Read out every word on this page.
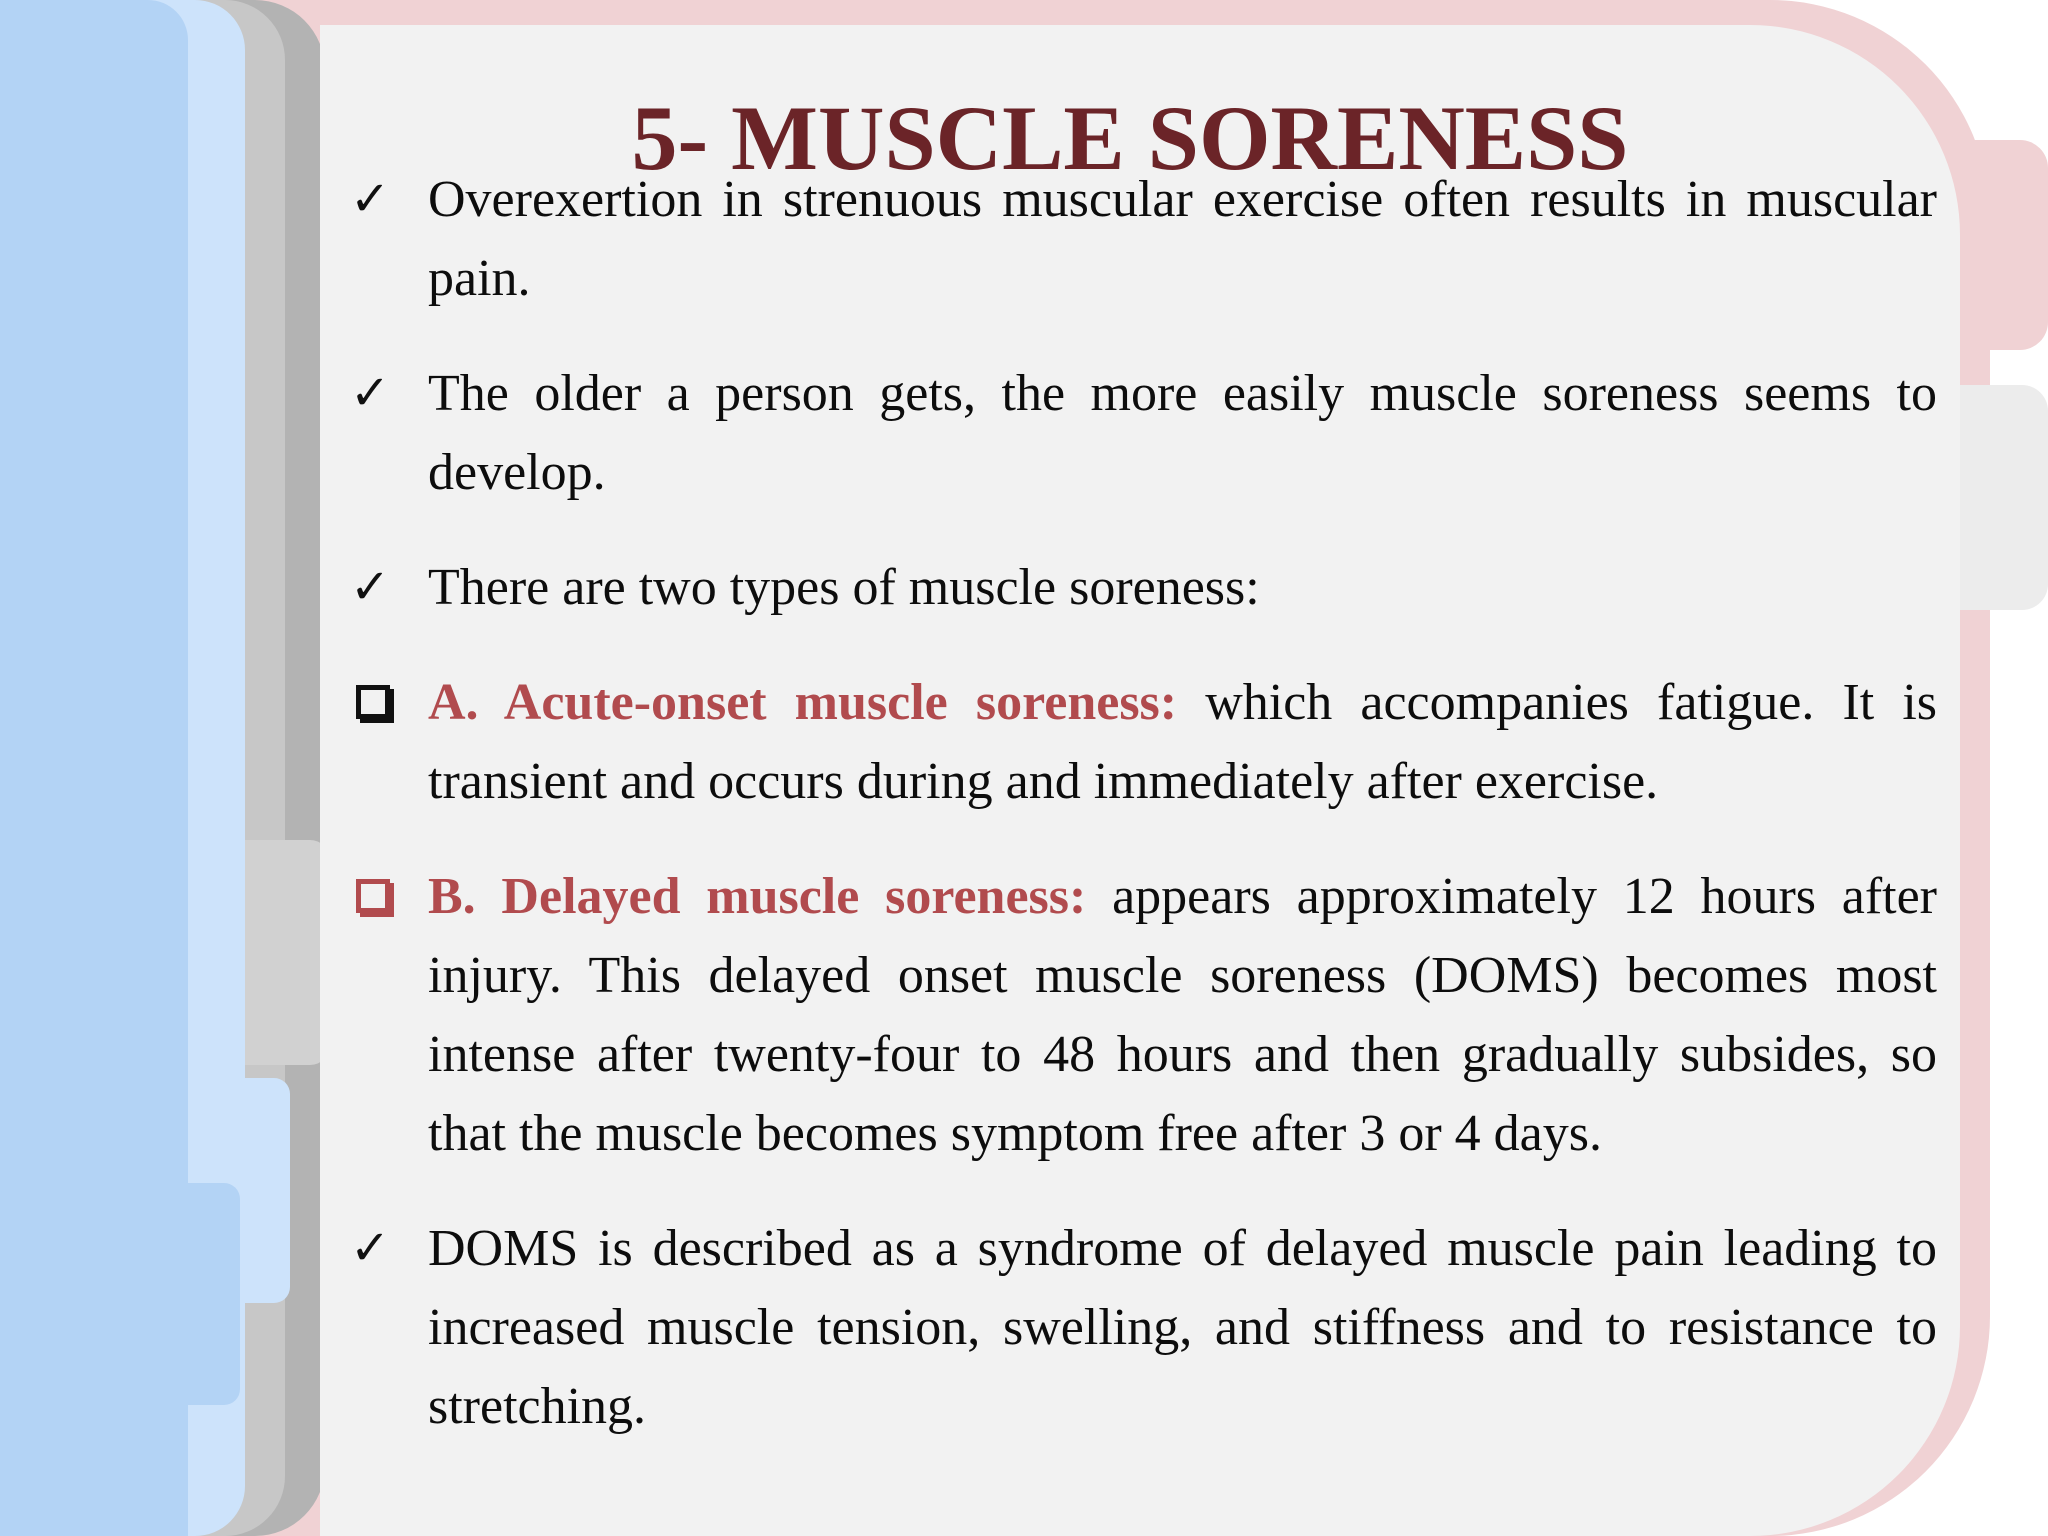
5- MUSCLE SORENESS
✓ Overexertion in strenuous muscular exercise often results in muscular pain.
✓ The older a person gets, the more easily muscle soreness seems to develop.
✓ There are two types of muscle soreness:
A. Acute-onset muscle soreness: which accompanies fatigue. It is transient and occurs during and immediately after exercise.
B. Delayed muscle soreness: appears approximately 12 hours after injury. This delayed onset muscle soreness (DOMS) becomes most intense after twenty-four to 48 hours and then gradually subsides, so that the muscle becomes symptom free after 3 or 4 days.
✓ DOMS is described as a syndrome of delayed muscle pain leading to increased muscle tension, swelling, and stiffness and to resistance to stretching.
